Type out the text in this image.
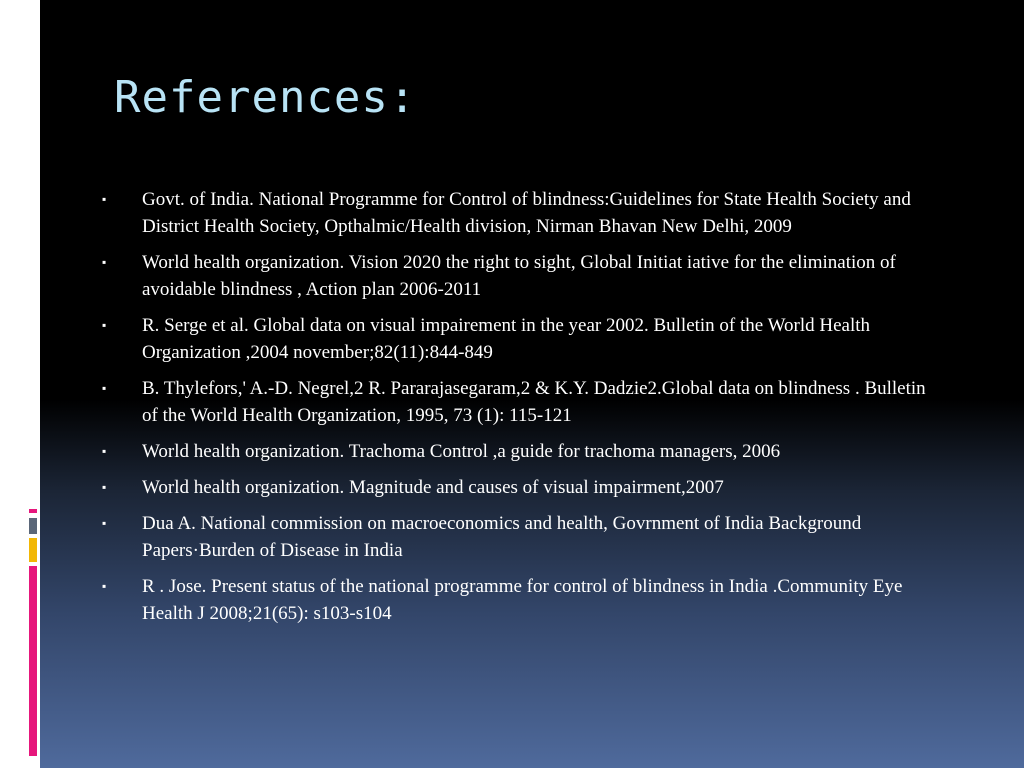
References:
▪	Govt. of India. National Programme for Control of blindness:Guidelines for State Health Society and District Health Society, Opthalmic/Health division, Nirman Bhavan New Delhi, 2009
▪	World health organization. Vision 2020 the right to sight, Global Initiat iative for the elimination of avoidable blindness , Action plan 2006-2011
▪	R. Serge et al. Global data on visual impairement in the year 2002. Bulletin of the World Health Organization ,2004 november;82(11):844-849
▪	B. Thylefors,' A.-D. Negrel,2 R. Pararajasegaram,2 & K.Y. Dadzie2.Global data on blindness . Bulletin of the World Health Organization, 1995, 73 (1): 115-121
▪	World health organization. Trachoma Control ,a guide for trachoma managers, 2006
▪	World health organization. Magnitude and causes of visual impairment,2007
▪	Dua A. National commission on macroeconomics and health, Govrnment of India Background Papers·Burden of Disease in India
▪	R . Jose. Present status of the national programme for control of blindness in India .Community Eye Health J 2008;21(65): s103-s104
